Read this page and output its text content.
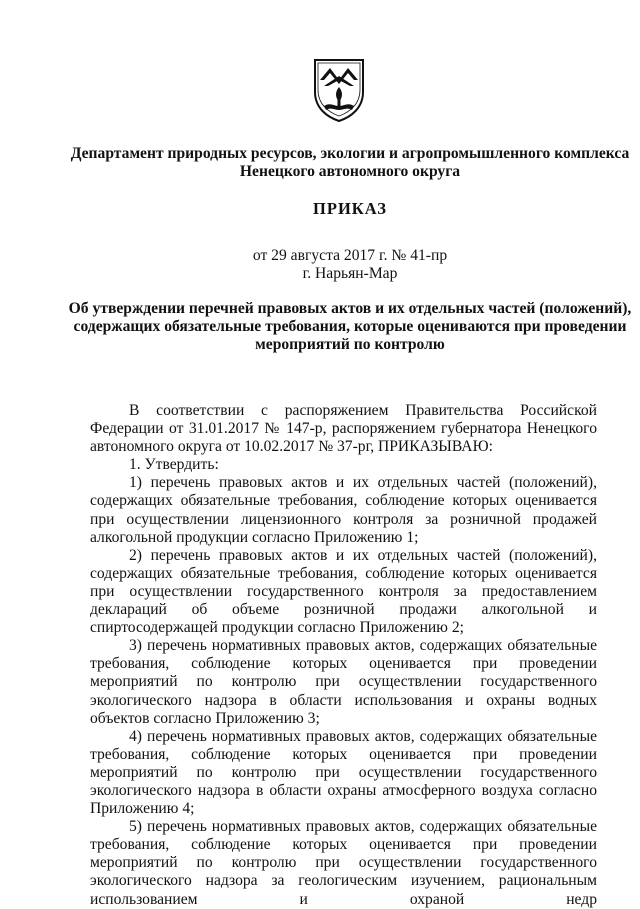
Департамент природных ресурсов, экологии и агропромышленного комплекса Ненецкого автономного округа
ПРИКАЗ
от 29 августа 2017 г. № 41-пр
г. Нарьян-Мар
Об утверждении перечней правовых актов и их отдельных частей (положений), содержащих обязательные требования, которые оцениваются при проведении мероприятий по контролю

В соответствии с распоряжением Правительства Российской Федерации от 31.01.2017 № 147-р, распоряжением губернатора Ненецкого автономного округа от 10.02.2017 № 37-рг, ПРИКАЗЫВАЮ:

1. Утвердить:

1) перечень правовых актов и их отдельных частей (положений), содержащих обязательные требования, соблюдение которых оценивается при осуществлении лицензионного контроля за розничной продажей алкогольной продукции согласно Приложению 1;

2) перечень правовых актов и их отдельных частей (положений), содержащих обязательные требования, соблюдение которых оценивается при осуществлении государственного контроля за предоставлением деклараций об объеме розничной продажи алкогольной и спиртосодержащей продукции согласно Приложению 2;

3) перечень нормативных правовых актов, содержащих обязательные требования, соблюдение которых оценивается при проведении мероприятий по контролю при осуществлении государственного экологического надзора в области использования и охраны водных объектов согласно Приложению 3;

4) перечень нормативных правовых актов, содержащих обязательные требования, соблюдение которых оценивается при проведении мероприятий по контролю при осуществлении государственного экологического надзора в области охраны атмосферного воздуха согласно Приложению 4;

5) перечень нормативных правовых актов, содержащих обязательные требования, соблюдение которых оценивается при проведении мероприятий по контролю при осуществлении государственного экологического надзора за геологическим изучением, рациональным использованием и охраной недр
